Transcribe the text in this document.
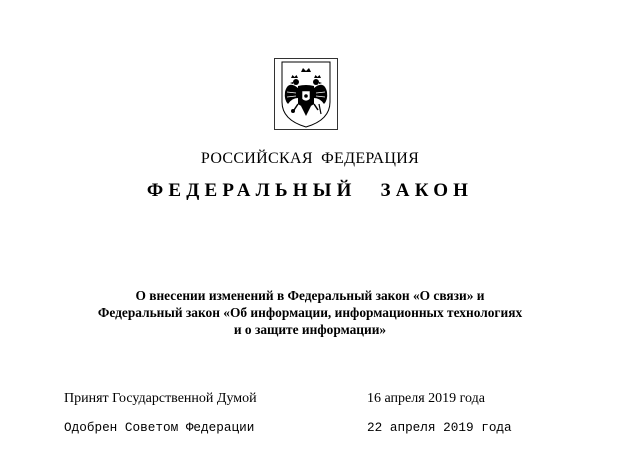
РОССИЙСКАЯ ФЕДЕРАЦИЯ
ФЕДЕРАЛЬНЫЙ ЗАКОН
О внесении изменений в Федеральный закон «О связи» и
Федеральный закон «Об информации, информационных технологиях
и о защите информации»
Принят Государственной Думой	16 апреля 2019 года
Одобрен Советом Федерации	22 апреля 2019 года
